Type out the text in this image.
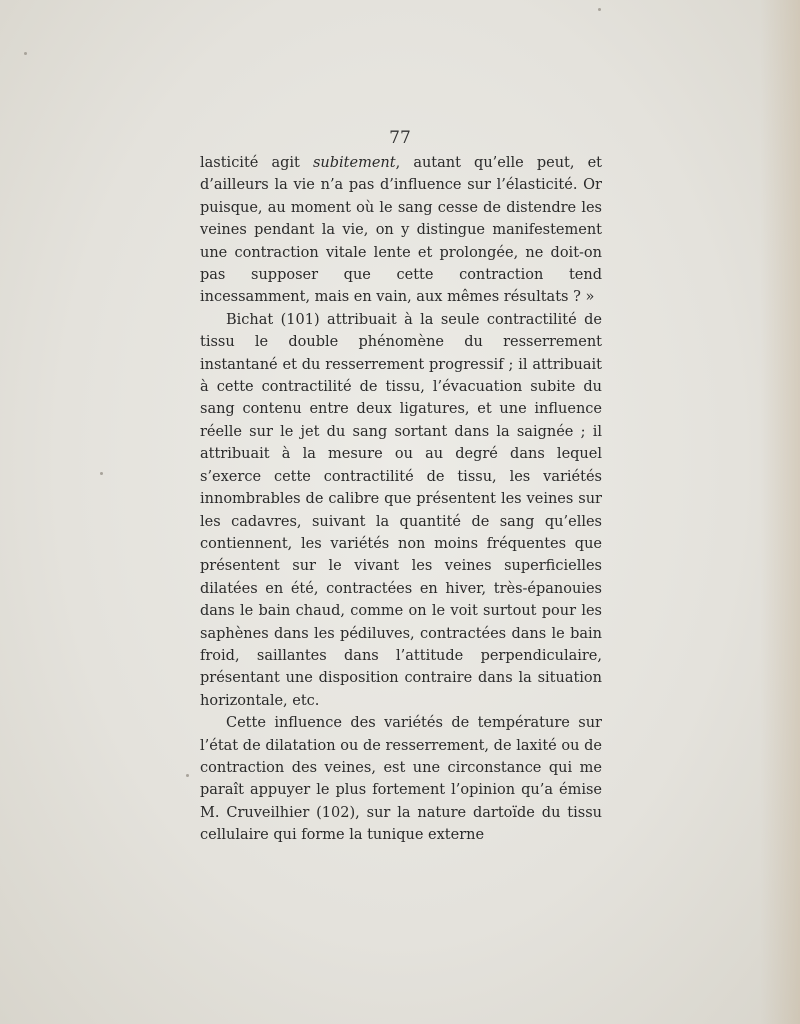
77

lasticité agit subitement, autant qu’elle peut, et d’ailleurs la vie n’a pas d’influence sur l’élasticité. Or puisque, au moment où le sang cesse de distendre les veines pendant la vie, on y distingue manifestement une contraction vitale lente et prolongée, ne doit-on pas supposer que cette contraction tend incessamment, mais en vain, aux mêmes résultats ? »

Bichat (101) attribuait à la seule contractilité de tissu le double phénomène du resserrement instantané et du resserrement progressif ; il attribuait à cette contractilité de tissu, l’évacuation subite du sang contenu entre deux ligatures, et une influence réelle sur le jet du sang sortant dans la saignée ; il attribuait à la mesure ou au degré dans lequel s’exerce cette contractilité de tissu, les variétés innombrables de calibre que présentent les veines sur les cadavres, suivant la quantité de sang qu’elles contiennent, les variétés non moins fréquentes que présentent sur le vivant les veines superficielles dilatées en été, contractées en hiver, très-épanouies dans le bain chaud, comme on le voit surtout pour les saphènes dans les pédiluves, contractées dans le bain froid, saillantes dans l’attitude perpendiculaire, présentant une disposition contraire dans la situation horizontale, etc.

Cette influence des variétés de température sur l’état de dilatation ou de resserrement, de laxité ou de contraction des veines, est une circonstance qui me paraît appuyer le plus fortement l’opinion qu’a émise M. Cruveilhier (102), sur la nature dartoïde du tissu cellulaire qui forme la tunique externe
